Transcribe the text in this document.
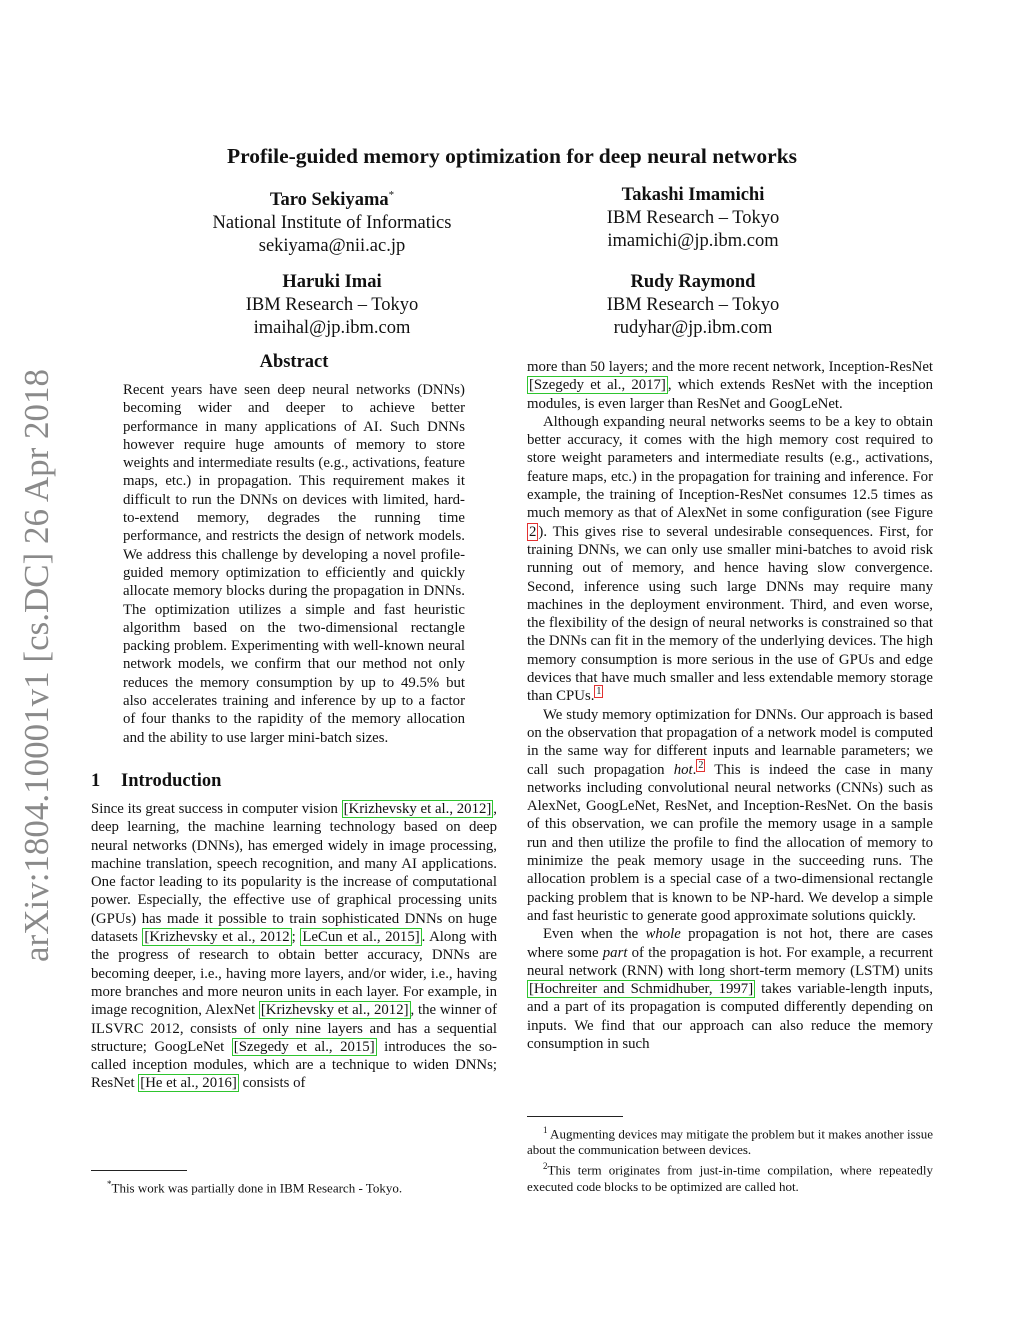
arXiv:1804.10001v1 [cs.DC] 26 Apr 2018
Profile-guided memory optimization for deep neural networks
Taro Sekiyama*
National Institute of Informatics
sekiyama@nii.ac.jp
Takashi Imamichi
IBM Research – Tokyo
imamichi@jp.ibm.com
Haruki Imai
IBM Research – Tokyo
imaihal@jp.ibm.com
Rudy Raymond
IBM Research – Tokyo
rudyhar@jp.ibm.com
Abstract

Recent years have seen deep neural networks (DNNs) becoming wider and deeper to achieve better performance in many applications of AI. Such DNNs however require huge amounts of memory to store weights and intermediate results (e.g., activations, feature maps, etc.) in propagation. This requirement makes it difficult to run the DNNs on devices with limited, hard-to-extend memory, degrades the running time performance, and restricts the design of network models. We address this challenge by developing a novel profile-guided memory optimization to efficiently and quickly allocate memory blocks during the propagation in DNNs. The optimization utilizes a simple and fast heuristic algorithm based on the two-dimensional rectangle packing problem. Experimenting with well-known neural network models, we confirm that our method not only reduces the memory consumption by up to 49.5% but also accelerates training and inference by up to a factor of four thanks to the rapidity of the memory allocation and the ability to use larger mini-batch sizes.

1 Introduction

Since its great success in computer vision [Krizhevsky et al., 2012] , deep learning, the machine learning technology based on deep neural networks (DNNs), has emerged widely in image processing, machine translation, speech recognition, and many AI applications. One factor leading to its popularity is the increase of computational power. Especially, the effective use of graphical processing units (GPUs) has made it possible to train sophisticated DNNs on huge datasets [Krizhevsky et al., 2012 ; LeCun et al., 2015] . Along with the progress of research to obtain better accuracy, DNNs are becoming deeper, i.e., having more layers, and/or wider, i.e., having more branches and more neuron units in each layer. For example, in image recognition, AlexNet [Krizhevsky et al., 2012] , the winner of ILSVRC 2012, consists of only nine layers and has a sequential structure; GoogLeNet [Szegedy et al., 2015] introduces the so-called inception modules, which are a technique to widen DNNs; ResNet [He et al., 2016] consists of

*This work was partially done in IBM Research - Tokyo.

more than 50 layers; and the more recent network, Inception-ResNet [Szegedy et al., 2017] , which extends ResNet with the inception modules, is even larger than ResNet and GoogLeNet.

Although expanding neural networks seems to be a key to obtain better accuracy, it comes with the high memory cost required to store weight parameters and intermediate results (e.g., activations, feature maps, etc.) in the propagation for training and inference. For example, the training of Inception-ResNet consumes 12.5 times as much memory as that of AlexNet in some configuration (see Figure 2 ). This gives rise to several undesirable consequences. First, for training DNNs, we can only use smaller mini-batches to avoid risk running out of memory, and hence having slow convergence. Second, inference using such large DNNs may require many machines in the deployment environment. Third, and even worse, the flexibility of the design of neural networks is constrained so that the DNNs can fit in the memory of the underlying devices. The high memory consumption is more serious in the use of GPUs and edge devices that have much smaller and less extendable memory storage than CPUs. $^1$

We study memory optimization for DNNs. Our approach is based on the observation that propagation of a network model is computed in the same way for different inputs and learnable parameters; we call such propagation hot. $^2$ This is indeed the case in many networks including convolutional neural networks (CNNs) such as AlexNet, GoogLeNet, ResNet, and Inception-ResNet. On the basis of this observation, we can profile the memory usage in a sample run and then utilize the profile to find the allocation of memory to minimize the peak memory usage in the succeeding runs. The allocation problem is a special case of a two-dimensional rectangle packing problem that is known to be NP-hard. We develop a simple and fast heuristic to generate good approximate solutions quickly.

Even when the whole propagation is not hot, there are cases where some part of the propagation is hot. For example, a recurrent neural network (RNN) with long short-term memory (LSTM) units [Hochreiter and Schmidhuber, 1997] takes variable-length inputs, and a part of its propagation is computed differently depending on inputs. We find that our approach can also reduce the memory consumption in such

$^1$ Augmenting devices may mitigate the problem but it makes another issue about the communication between devices.

$^2$This term originates from just-in-time compilation, where repeatedly executed code blocks to be optimized are called hot.
